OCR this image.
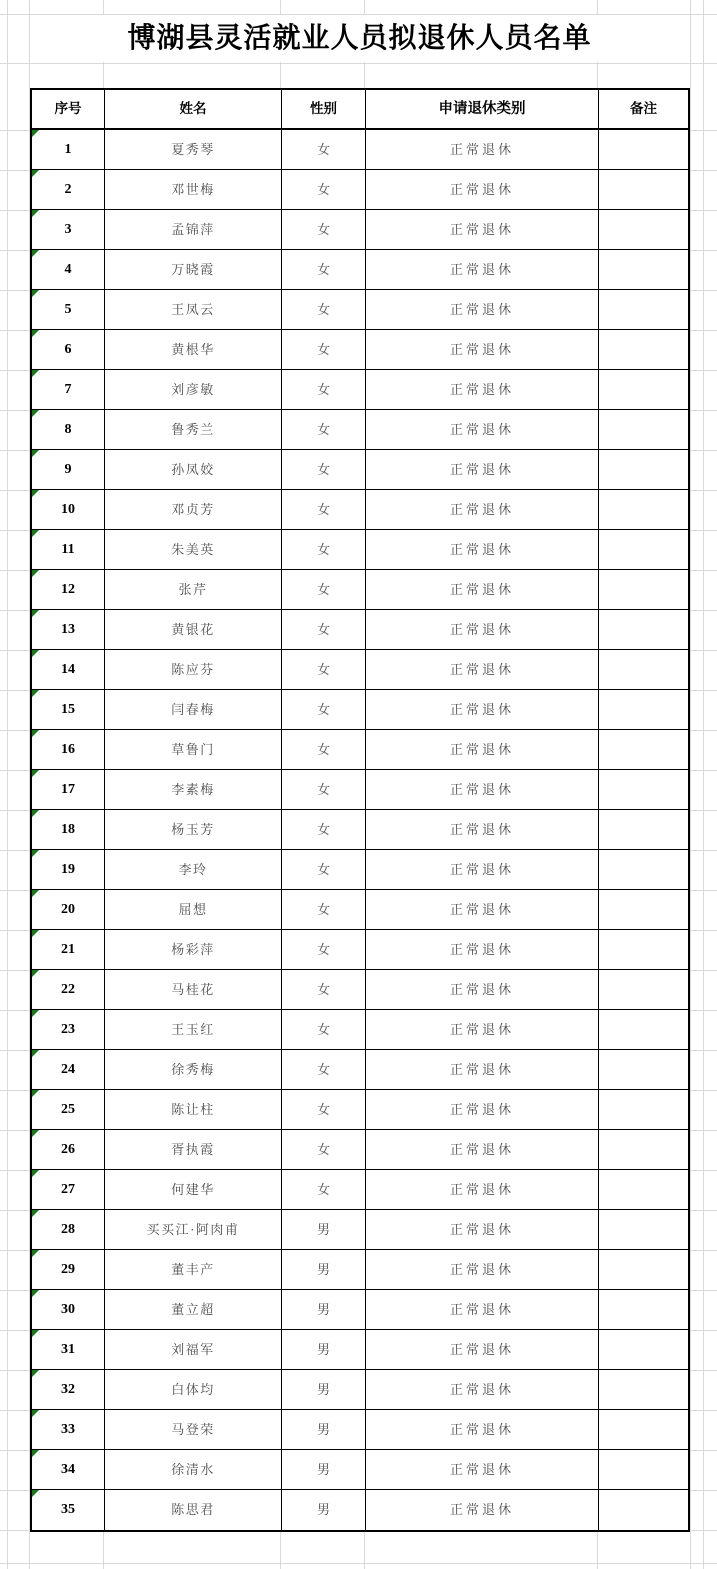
博湖县灵活就业人员拟退休人员名单
序号	姓名	性别	申请退休类别	备注
1	夏秀琴	女	正常退休
2	邓世梅	女	正常退休
3	孟锦萍	女	正常退休
4	万晓霞	女	正常退休
5	王凤云	女	正常退休
6	黄根华	女	正常退休
7	刘彦敏	女	正常退休
8	鲁秀兰	女	正常退休
9	孙凤姣	女	正常退休
10	邓贞芳	女	正常退休
11	朱美英	女	正常退休
12	张芹	女	正常退休
13	黄银花	女	正常退休
14	陈应芬	女	正常退休
15	闫春梅	女	正常退休
16	草鲁门	女	正常退休
17	李素梅	女	正常退休
18	杨玉芳	女	正常退休
19	李玲	女	正常退休
20	屈想	女	正常退休
21	杨彩萍	女	正常退休
22	马桂花	女	正常退休
23	王玉红	女	正常退休
24	徐秀梅	女	正常退休
25	陈让柱	女	正常退休
26	胥执霞	女	正常退休
27	何建华	女	正常退休
28	买买江·阿肉甫	男	正常退休
29	董丰产	男	正常退休
30	董立超	男	正常退休
31	刘福军	男	正常退休
32	白体均	男	正常退休
33	马登荣	男	正常退休
34	徐清水	男	正常退休
35	陈思君	男	正常退休
